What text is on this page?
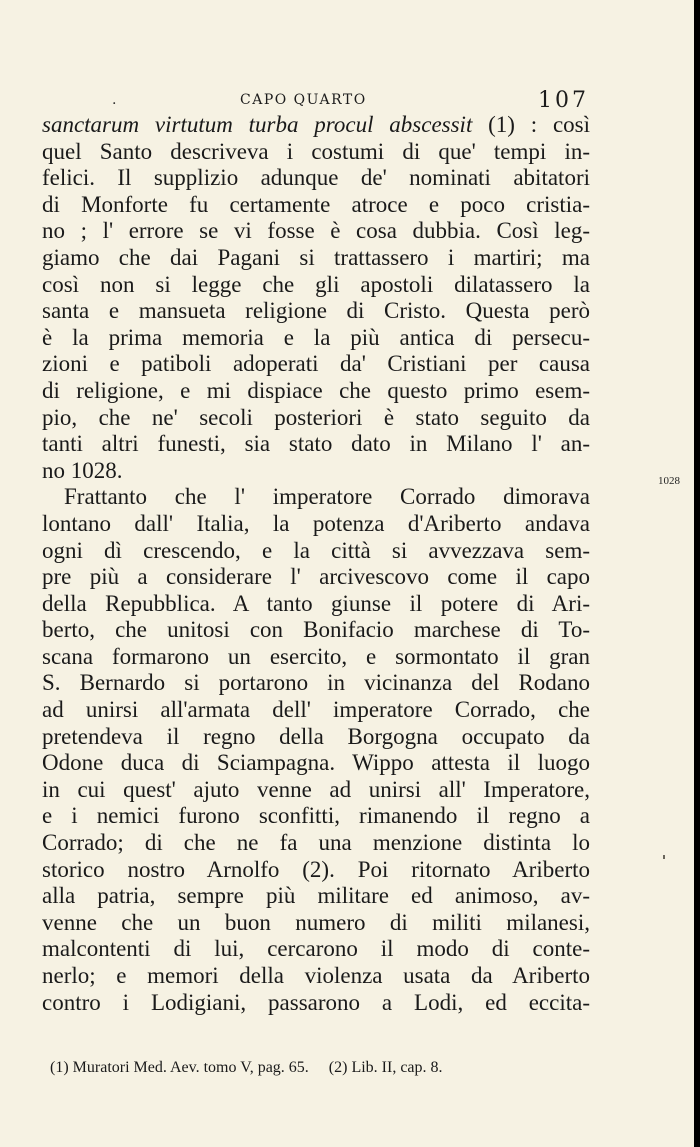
.	CAPO QUARTO	107
sanctarum virtutum turba procul abscessit (1) : così
quel Santo descriveva i costumi di que' tempi in-
felici. Il supplizio adunque de' nominati abitatori
di Monforte fu certamente atroce e poco cristia-
no ; l' errore se vi fosse è cosa dubbia. Così leg-
giamo che dai Pagani si trattassero i martiri; ma
così non si legge che gli apostoli dilatassero la
santa e mansueta religione di Cristo. Questa però
è la prima memoria e la più antica di persecu-
zioni e patiboli adoperati da' Cristiani per causa
di religione, e mi dispiace che questo primo esem-
pio, che ne' secoli posteriori è stato seguito da
tanti altri funesti, sia stato dato in Milano l' an-
no 1028.
Frattanto che l' imperatore Corrado dimorava
lontano dall' Italia, la potenza d'Ariberto andava
ogni dì crescendo, e la città si avvezzava sem-
pre più a considerare l' arcivescovo come il capo
della Repubblica. A tanto giunse il potere di Ari-
berto, che unitosi con Bonifacio marchese di To-
scana formarono un esercito, e sormontato il gran
S. Bernardo si portarono in vicinanza del Rodano
ad unirsi all'armata dell' imperatore Corrado, che
pretendeva il regno della Borgogna occupato da
Odone duca di Sciampagna. Wippo attesta il luogo
in cui quest' ajuto venne ad unirsi all' Imperatore,
e i nemici furono sconfitti, rimanendo il regno a
Corrado; di che ne fa una menzione distinta lo
storico nostro Arnolfo (2). Poi ritornato Ariberto
alla patria, sempre più militare ed animoso, av-
venne che un buon numero di militi milanesi,
malcontenti di lui, cercarono il modo di conte-
nerlo; e memori della violenza usata da Ariberto
contro i Lodigiani, passarono a Lodi, ed eccita-
1028
(1) Muratori Med. Aev. tomo V, pag. 65. (2) Lib. II, cap. 8.
